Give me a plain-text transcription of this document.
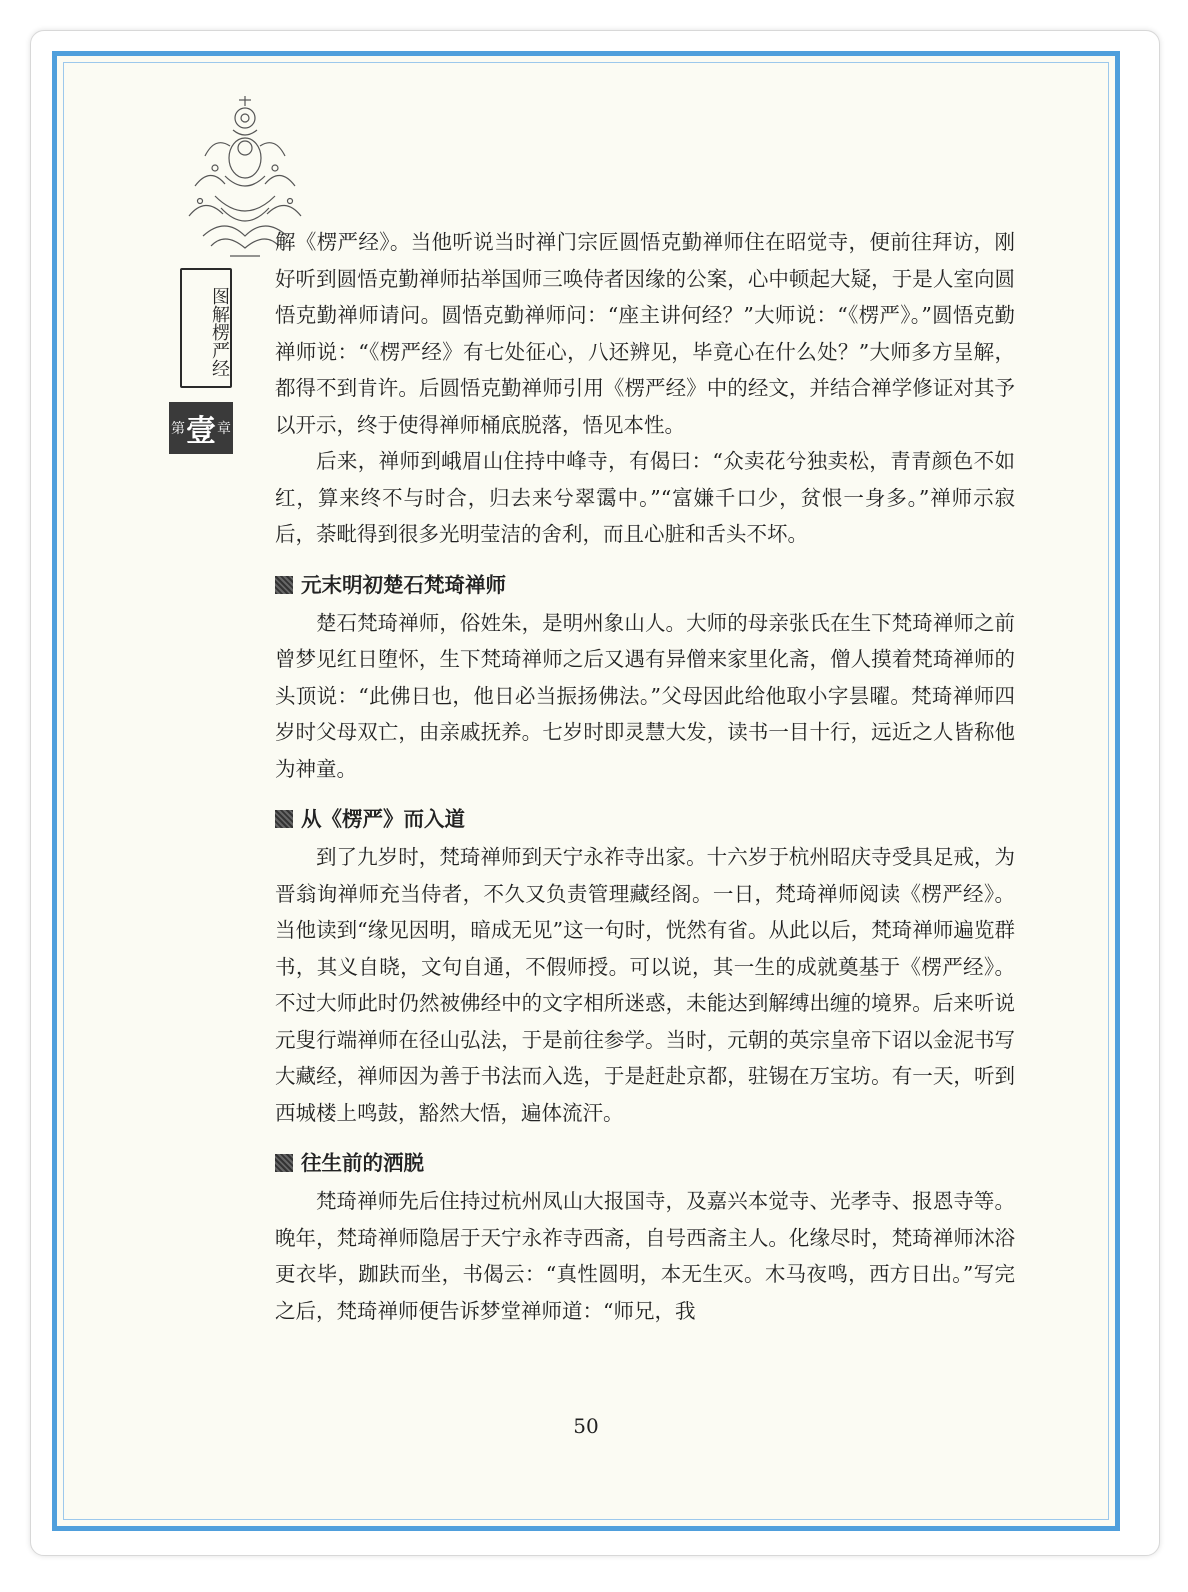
图解楞严经
第 壹 章

解《楞严经》。当他听说当时禅门宗匠圆悟克勤禅师住在昭觉寺，便前往拜访，刚好听到圆悟克勤禅师拈举国师三唤侍者因缘的公案，心中顿起大疑，于是人室向圆悟克勤禅师请问。圆悟克勤禅师问：“座主讲何经？”大师说：“《楞严》。”圆悟克勤禅师说：“《楞严经》有七处征心，八还辨见，毕竟心在什么处？”大师多方呈解，都得不到肯许。后圆悟克勤禅师引用《楞严经》中的经文，并结合禅学修证对其予以开示，终于使得禅师桶底脱落，悟见本性。

后来，禅师到峨眉山住持中峰寺，有偈曰：“众卖花兮独卖松，青青颜色不如红，算来终不与时合，归去来兮翠霭中。”“富嫌千口少，贫恨一身多。”禅师示寂后，荼毗得到很多光明莹洁的舍利，而且心脏和舌头不坏。

元末明初楚石梵琦禅师

楚石梵琦禅师，俗姓朱，是明州象山人。大师的母亲张氏在生下梵琦禅师之前曾梦见红日堕怀，生下梵琦禅师之后又遇有异僧来家里化斋，僧人摸着梵琦禅师的头顶说：“此佛日也，他日必当振扬佛法。”父母因此给他取小字昙曜。梵琦禅师四岁时父母双亡，由亲戚抚养。七岁时即灵慧大发，读书一目十行，远近之人皆称他为神童。

从《楞严》而入道

到了九岁时，梵琦禅师到天宁永祚寺出家。十六岁于杭州昭庆寺受具足戒，为晋翁询禅师充当侍者，不久又负责管理藏经阁。一日，梵琦禅师阅读《楞严经》。当他读到“缘见因明，暗成无见”这一句时，恍然有省。从此以后，梵琦禅师遍览群书，其义自晓，文句自通，不假师授。可以说，其一生的成就奠基于《楞严经》。不过大师此时仍然被佛经中的文字相所迷惑，未能达到解缚出缠的境界。后来听说元叟行端禅师在径山弘法，于是前往参学。当时，元朝的英宗皇帝下诏以金泥书写大藏经，禅师因为善于书法而入选，于是赶赴京都，驻锡在万宝坊。有一天，听到西城楼上鸣鼓，豁然大悟，遍体流汗。

往生前的洒脱

梵琦禅师先后住持过杭州凤山大报国寺，及嘉兴本觉寺、光孝寺、报恩寺等。晚年，梵琦禅师隐居于天宁永祚寺西斋，自号西斋主人。化缘尽时，梵琦禅师沐浴更衣毕，跏趺而坐，书偈云：“真性圆明，本无生灭。木马夜鸣，西方日出。”写完之后，梵琦禅师便告诉梦堂禅师道：“师兄，我

50
